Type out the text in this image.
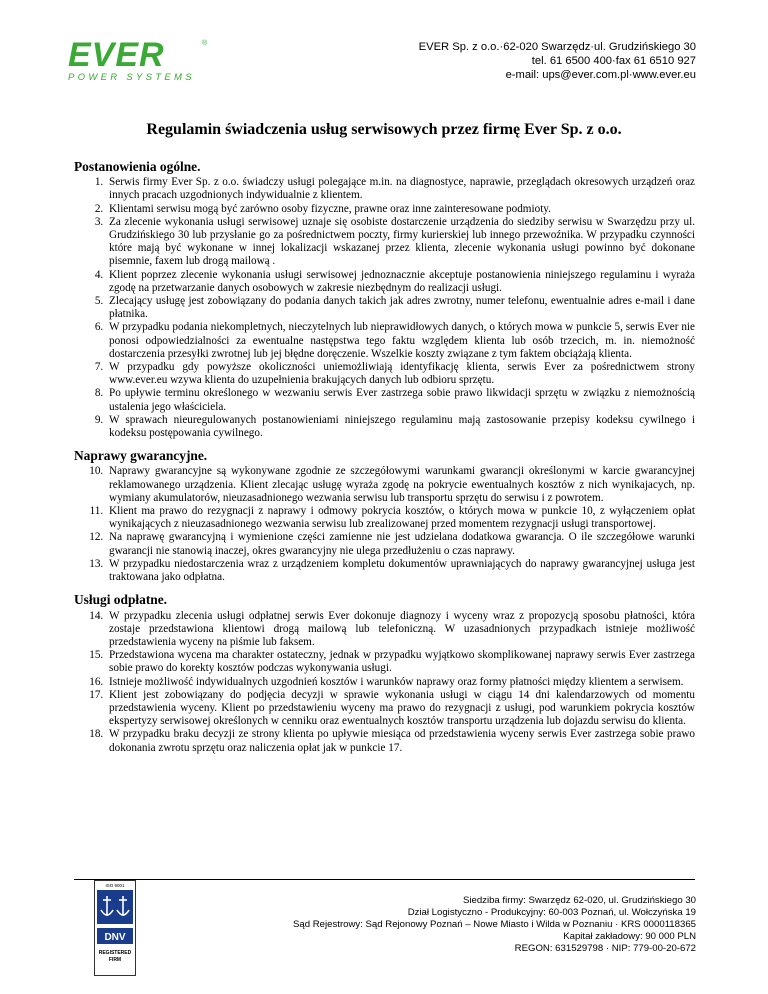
EVER
POWER SYSTEMS
®	EVER Sp. z o.o.·62-020 Swarzędz·ul. Grudzińskiego 30
tel. 61 6500 400·fax 61 6510 927
e-mail: ups@ever.com.pl·www.ever.eu
Regulamin świadczenia usług serwisowych przez firmę Ever Sp. z o.o.
Postanowienia ogólne.
1. Serwis firmy Ever Sp. z o.o. świadczy usługi polegające m.in. na diagnostyce, naprawie, przeglądach okresowych urządzeń oraz innych pracach uzgodnionych indywidualnie z klientem.
2. Klientami serwisu mogą być zarówno osoby fizyczne, prawne oraz inne zainteresowane podmioty.
3. Za zlecenie wykonania usługi serwisowej uznaje się osobiste dostarczenie urządzenia do siedziby serwisu w Swarzędzu przy ul. Grudzińskiego 30 lub przysłanie go za pośrednictwem poczty, firmy kurierskiej lub innego przewoźnika. W przypadku czynności które mają być wykonane w innej lokalizacji wskazanej przez klienta, zlecenie wykonania usługi powinno być dokonane pisemnie, faxem lub drogą mailową .
4. Klient poprzez zlecenie wykonania usługi serwisowej jednoznacznie akceptuje postanowienia niniejszego regulaminu i wyraża zgodę na przetwarzanie danych osobowych w zakresie niezbędnym do realizacji usługi.
5. Zlecający usługę jest zobowiązany do podania danych takich jak adres zwrotny, numer telefonu, ewentualnie adres e-mail i dane płatnika.
6. W przypadku podania niekompletnych, nieczytelnych lub nieprawidłowych danych, o których mowa w punkcie 5, serwis Ever nie ponosi odpowiedzialności za ewentualne następstwa tego faktu względem klienta lub osób trzecich, m. in. niemożność dostarczenia przesyłki zwrotnej lub jej błędne doręczenie. Wszelkie koszty związane z tym faktem obciążają klienta.
7. W przypadku gdy powyższe okoliczności uniemożliwiają identyfikację klienta, serwis Ever za pośrednictwem strony www.ever.eu wzywa klienta do uzupełnienia brakujących danych lub odbioru sprzętu.
8. Po upływie terminu określonego w wezwaniu serwis Ever zastrzega sobie prawo likwidacji sprzętu w związku z niemożnością ustalenia jego właściciela.
9. W sprawach nieuregulowanych postanowieniami niniejszego regulaminu mają zastosowanie przepisy kodeksu cywilnego i kodeksu postępowania cywilnego.
Naprawy gwarancyjne.
10. Naprawy gwarancyjne są wykonywane zgodnie ze szczegółowymi warunkami gwarancji określonymi w karcie gwarancyjnej reklamowanego urządzenia. Klient zlecając usługę wyraża zgodę na pokrycie ewentualnych kosztów z nich wynikajacych, np. wymiany akumulatorów, nieuzasadnionego wezwania serwisu lub transportu sprzętu do serwisu i z powrotem.
11. Klient ma prawo do rezygnacji z naprawy i odmowy pokrycia kosztów, o których mowa w punkcie 10, z wyłączeniem opłat wynikających z nieuzasadnionego wezwania serwisu lub zrealizowanej przed momentem rezygnacji usługi transportowej.
12. Na naprawę gwarancyjną i wymienione części zamienne nie jest udzielana dodatkowa gwarancja. O ile szczegółowe warunki gwarancji nie stanowią inaczej, okres gwarancyjny nie ulega przedłużeniu o czas naprawy.
13. W przypadku niedostarczenia wraz z urządzeniem kompletu dokumentów uprawniających do naprawy gwarancyjnej usługa jest traktowana jako odpłatna.
Usługi odpłatne.
14. W przypadku zlecenia usługi odpłatnej serwis Ever dokonuje diagnozy i wyceny wraz z propozycją sposobu płatności, która zostaje przedstawiona klientowi drogą mailową lub telefoniczną. W uzasadnionych przypadkach istnieje możliwość przedstawienia wyceny na piśmie lub faksem.
15. Przedstawiona wycena ma charakter ostateczny, jednak w przypadku wyjątkowo skomplikowanej naprawy serwis Ever zastrzega sobie prawo do korekty kosztów podczas wykonywania usługi.
16. Istnieje możliwość indywidualnych uzgodnień kosztów i warunków naprawy oraz formy płatności między klientem a serwisem.
17. Klient jest zobowiązany do podjęcia decyzji w sprawie wykonania usługi w ciągu 14 dni kalendarzowych od momentu przedstawienia wyceny. Klient po przedstawieniu wyceny ma prawo do rezygnacji z usługi, pod warunkiem pokrycia kosztów ekspertyzy serwisowej określonych w cenniku oraz ewentualnych kosztów transportu urządzenia lub dojazdu serwisu do klienta.
18. W przypadku braku decyzji ze strony klienta po upływie miesiąca od przedstawienia wyceny serwis Ever zastrzega sobie prawo dokonania zwrotu sprzętu oraz naliczenia opłat jak w punkcie 17.
ISO 9001
DNV
REGISTERED
FIRM
Siedziba firmy: Swarzędz 62-020, ul. Grudzińskiego 30
Dział Logistyczno - Produkcyjny: 60-003 Poznań, ul. Wołczyńska 19
Sąd Rejestrowy: Sąd Rejonowy Poznań – Nowe Miasto i Wilda w Poznaniu · KRS 0000118365
Kapitał zakładowy: 90 000 PLN
REGON: 631529798 · NIP: 779-00-20-672
